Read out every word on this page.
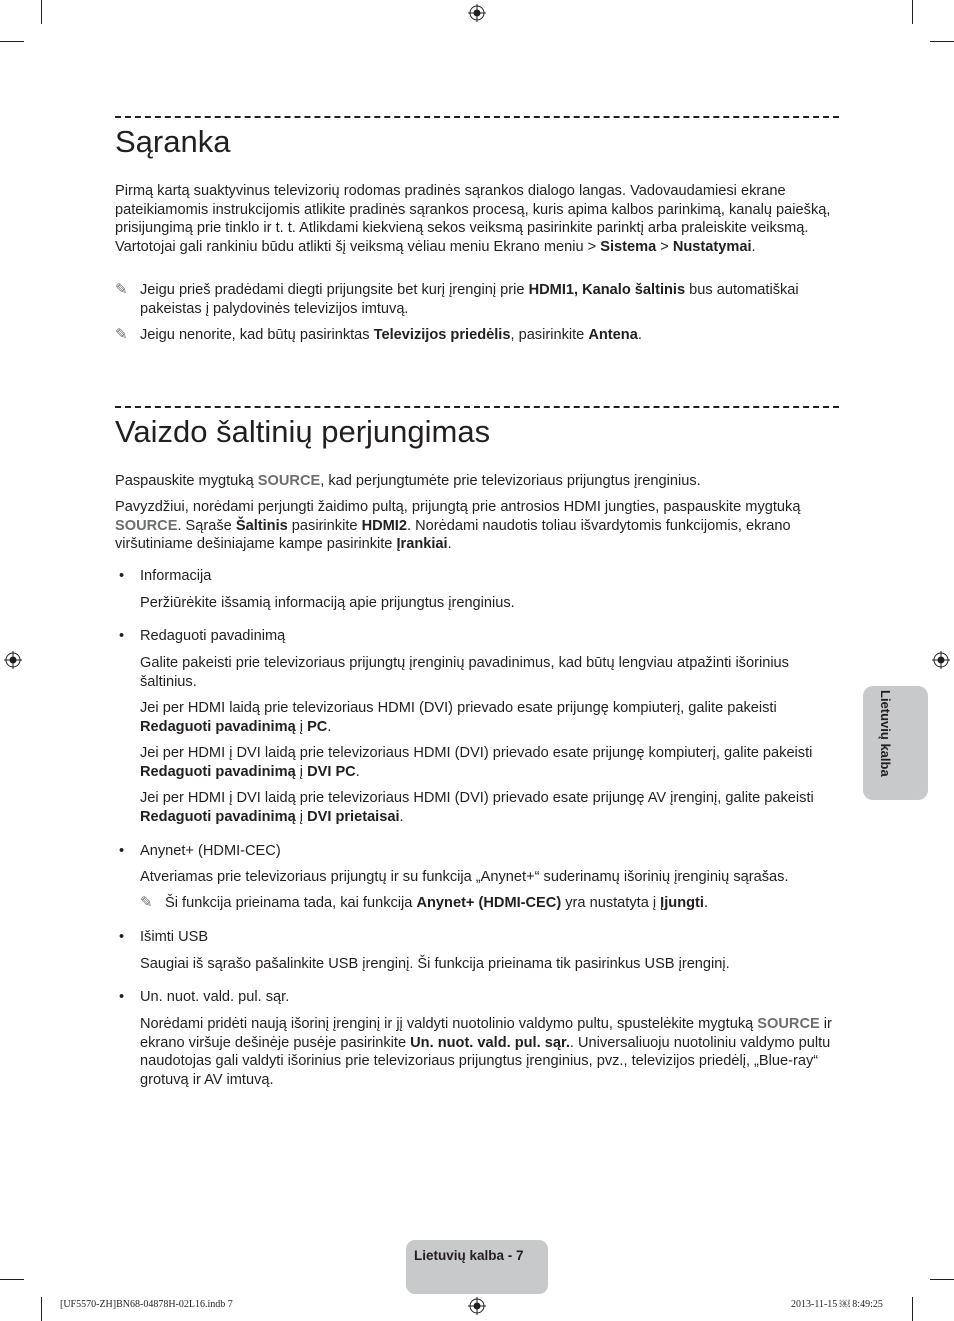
Sąranka

Pirmą kartą suaktyvinus televizorių rodomas pradinės sąrankos dialogo langas. Vadovaudamiesi ekrane pateikiamomis instrukcijomis atlikite pradinės sąrankos procesą, kuris apima kalbos parinkimą, kanalų paiešką, prisijungimą prie tinklo ir t. t. Atlikdami kiekvieną sekos veiksmą pasirinkite parinktį arba praleiskite veiksmą. Vartotojai gali rankiniu būdu atlikti šį veiksmą vėliau meniu Ekrano meniu > Sistema > Nustatymai.

✎ Jeigu prieš pradėdami diegti prijungsite bet kurį įrenginį prie HDMI1, Kanalo šaltinis bus automatiškai pakeistas į palydovinės televizijos imtuvą.
✎ Jeigu nenorite, kad būtų pasirinktas Televizijos priedėlis, pasirinkite Antena.
Vaizdo šaltinių perjungimas

Paspauskite mygtuką SOURCE, kad perjungtumėte prie televizoriaus prijungtus įrenginius.

Pavyzdžiui, norėdami perjungti žaidimo pultą, prijungtą prie antrosios HDMI jungties, paspauskite mygtuką SOURCE. Sąraše Šaltinis pasirinkite HDMI2. Norėdami naudotis toliau išvardytomis funkcijomis, ekrano viršutiniame dešiniajame kampe pasirinkite Įrankiai.

• Informacija

Peržiūrėkite išsamią informaciją apie prijungtus įrenginius.

• Redaguoti pavadinimą

Galite pakeisti prie televizoriaus prijungtų įrenginių pavadinimus, kad būtų lengviau atpažinti išorinius šaltinius.

Jei per HDMI laidą prie televizoriaus HDMI (DVI) prievado esate prijungę kompiuterį, galite pakeisti Redaguoti pavadinimą į PC.

Jei per HDMI į DVI laidą prie televizoriaus HDMI (DVI) prievado esate prijungę kompiuterį, galite pakeisti Redaguoti pavadinimą į DVI PC.

Jei per HDMI į DVI laidą prie televizoriaus HDMI (DVI) prievado esate prijungę AV įrenginį, galite pakeisti Redaguoti pavadinimą į DVI prietaisai.

• Anynet+ (HDMI-CEC)

Atveriamas prie televizoriaus prijungtų ir su funkcija „Anynet+“ suderinamų išorinių įrenginių sąrašas.

✎ Ši funkcija prieinama tada, kai funkcija Anynet+ (HDMI-CEC) yra nustatyta į Įjungti.
• Išimti USB

Saugiai iš sąrašo pašalinkite USB įrenginį. Ši funkcija prieinama tik pasirinkus USB įrenginį.

• Un. nuot. vald. pul. sąr.

Norėdami pridėti naują išorinį įrenginį ir jį valdyti nuotolinio valdymo pultu, spustelėkite mygtuką SOURCE ir ekrano viršuje dešinėje pusėje pasirinkite Un. nuot. vald. pul. sąr.. Universaliuoju nuotoliniu valdymo pultu naudotojas gali valdyti išorinius prie televizoriaus prijungtus įrenginius, pvz., televizijos priedėlį, „Blue-ray“ grotuvą ir AV imtuvą.

Lietuvių kalba
Lietuvių kalba - 7
[UF5570-ZH]BN68-04878H-02L16.indb 7	2013-11-15 ￼ 8:49:25
